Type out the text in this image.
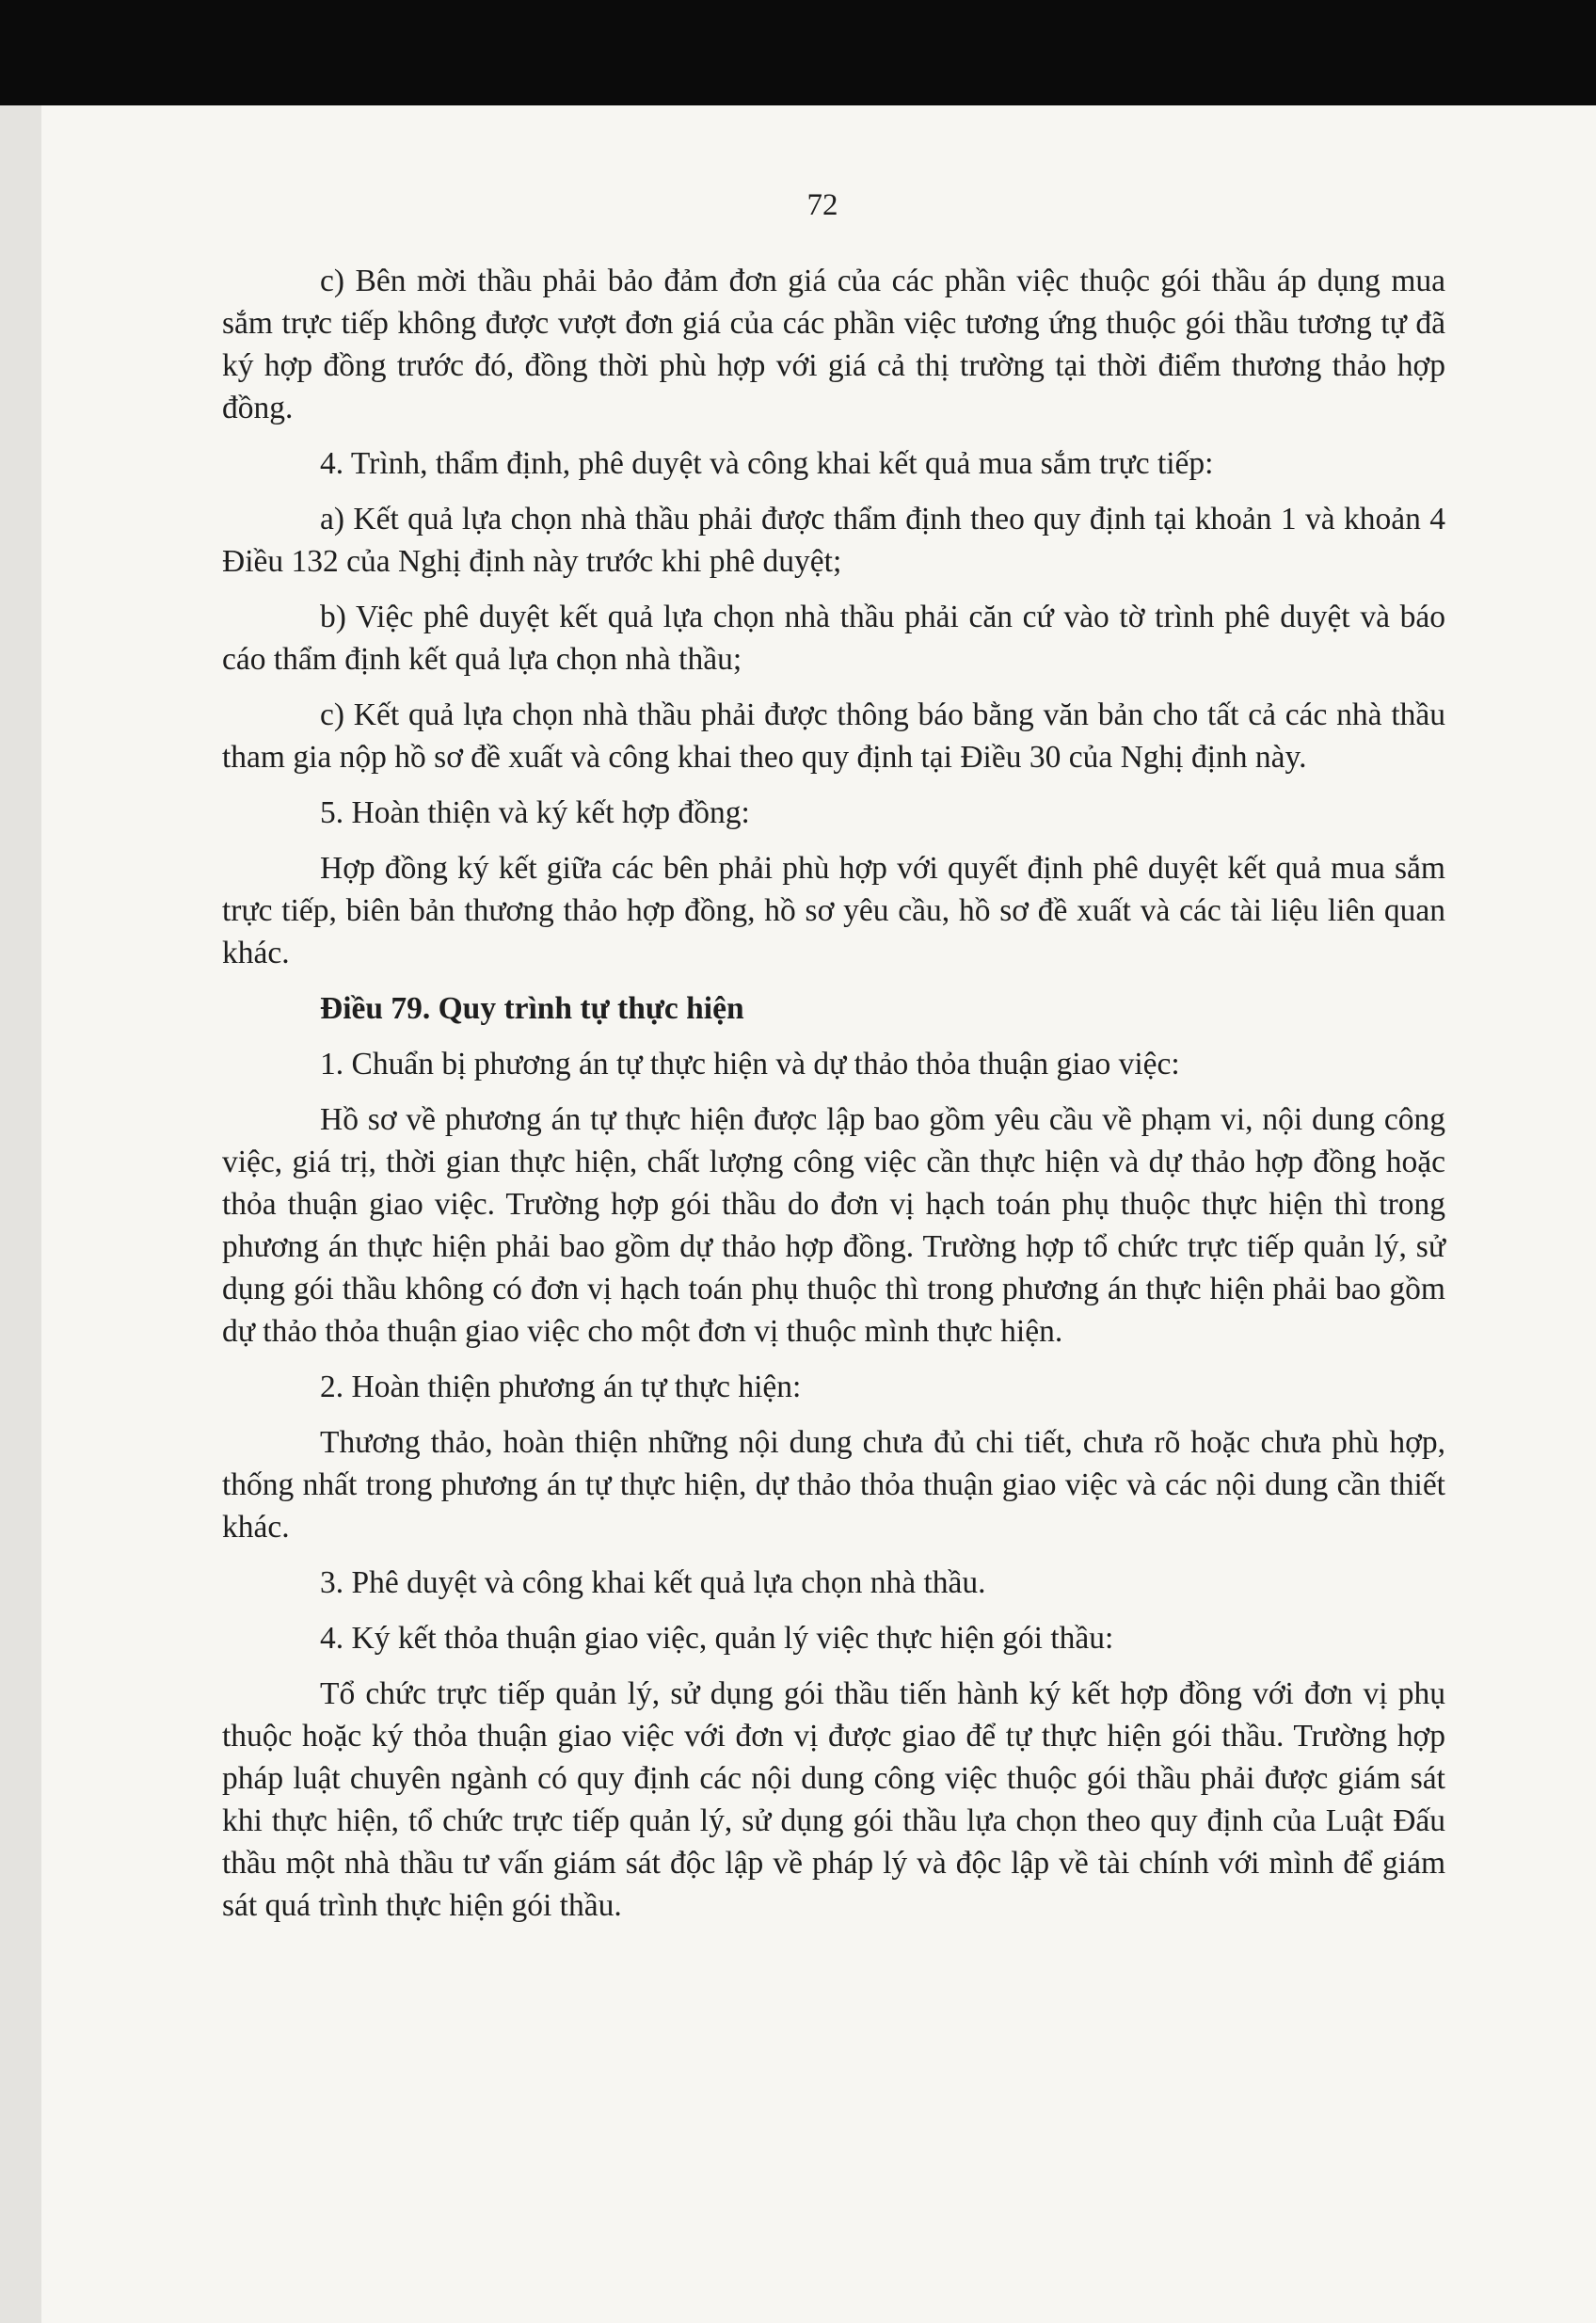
72

c) Bên mời thầu phải bảo đảm đơn giá của các phần việc thuộc gói thầu áp dụng mua sắm trực tiếp không được vượt đơn giá của các phần việc tương ứng thuộc gói thầu tương tự đã ký hợp đồng trước đó, đồng thời phù hợp với giá cả thị trường tại thời điểm thương thảo hợp đồng.

4. Trình, thẩm định, phê duyệt và công khai kết quả mua sắm trực tiếp:

a) Kết quả lựa chọn nhà thầu phải được thẩm định theo quy định tại khoản 1 và khoản 4 Điều 132 của Nghị định này trước khi phê duyệt;

b) Việc phê duyệt kết quả lựa chọn nhà thầu phải căn cứ vào tờ trình phê duyệt và báo cáo thẩm định kết quả lựa chọn nhà thầu;

c) Kết quả lựa chọn nhà thầu phải được thông báo bằng văn bản cho tất cả các nhà thầu tham gia nộp hồ sơ đề xuất và công khai theo quy định tại Điều 30 của Nghị định này.

5. Hoàn thiện và ký kết hợp đồng:

Hợp đồng ký kết giữa các bên phải phù hợp với quyết định phê duyệt kết quả mua sắm trực tiếp, biên bản thương thảo hợp đồng, hồ sơ yêu cầu, hồ sơ đề xuất và các tài liệu liên quan khác.

Điều 79. Quy trình tự thực hiện

1. Chuẩn bị phương án tự thực hiện và dự thảo thỏa thuận giao việc:

Hồ sơ về phương án tự thực hiện được lập bao gồm yêu cầu về phạm vi, nội dung công việc, giá trị, thời gian thực hiện, chất lượng công việc cần thực hiện và dự thảo hợp đồng hoặc thỏa thuận giao việc. Trường hợp gói thầu do đơn vị hạch toán phụ thuộc thực hiện thì trong phương án thực hiện phải bao gồm dự thảo hợp đồng. Trường hợp tổ chức trực tiếp quản lý, sử dụng gói thầu không có đơn vị hạch toán phụ thuộc thì trong phương án thực hiện phải bao gồm dự thảo thỏa thuận giao việc cho một đơn vị thuộc mình thực hiện.

2. Hoàn thiện phương án tự thực hiện:

Thương thảo, hoàn thiện những nội dung chưa đủ chi tiết, chưa rõ hoặc chưa phù hợp, thống nhất trong phương án tự thực hiện, dự thảo thỏa thuận giao việc và các nội dung cần thiết khác.

3. Phê duyệt và công khai kết quả lựa chọn nhà thầu.

4. Ký kết thỏa thuận giao việc, quản lý việc thực hiện gói thầu:

Tổ chức trực tiếp quản lý, sử dụng gói thầu tiến hành ký kết hợp đồng với đơn vị phụ thuộc hoặc ký thỏa thuận giao việc với đơn vị được giao để tự thực hiện gói thầu. Trường hợp pháp luật chuyên ngành có quy định các nội dung công việc thuộc gói thầu phải được giám sát khi thực hiện, tổ chức trực tiếp quản lý, sử dụng gói thầu lựa chọn theo quy định của Luật Đấu thầu một nhà thầu tư vấn giám sát độc lập về pháp lý và độc lập về tài chính với mình để giám sát quá trình thực hiện gói thầu.
